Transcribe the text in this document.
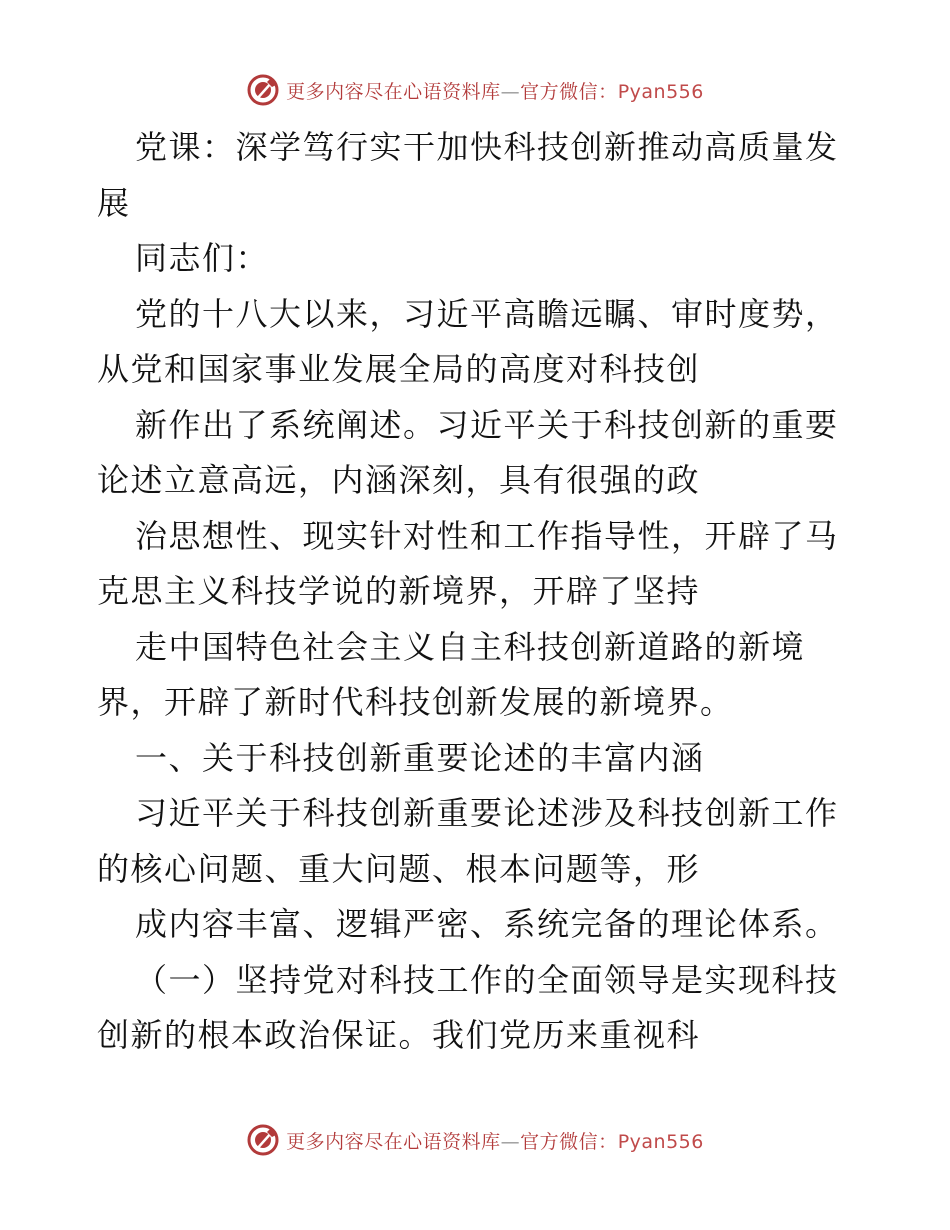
更多内容尽在心语资料库—官方微信：Pyan556
党课：深学笃行实干加快科技创新推动高质量发
展
同志们：
党的十八大以来，习近平高瞻远瞩、审时度势，
从党和国家事业发展全局的高度对科技创
新作出了系统阐述。习近平关于科技创新的重要
论述立意高远，内涵深刻，具有很强的政
治思想性、现实针对性和工作指导性，开辟了马
克思主义科技学说的新境界，开辟了坚持
走中国特色社会主义自主科技创新道路的新境
界，开辟了新时代科技创新发展的新境界。
一、关于科技创新重要论述的丰富内涵
习近平关于科技创新重要论述涉及科技创新工作
的核心问题、重大问题、根本问题等，形
成内容丰富、逻辑严密、系统完备的理论体系。
（一）坚持党对科技工作的全面领导是实现科技
创新的根本政治保证。我们党历来重视科
更多内容尽在心语资料库—官方微信：Pyan556
